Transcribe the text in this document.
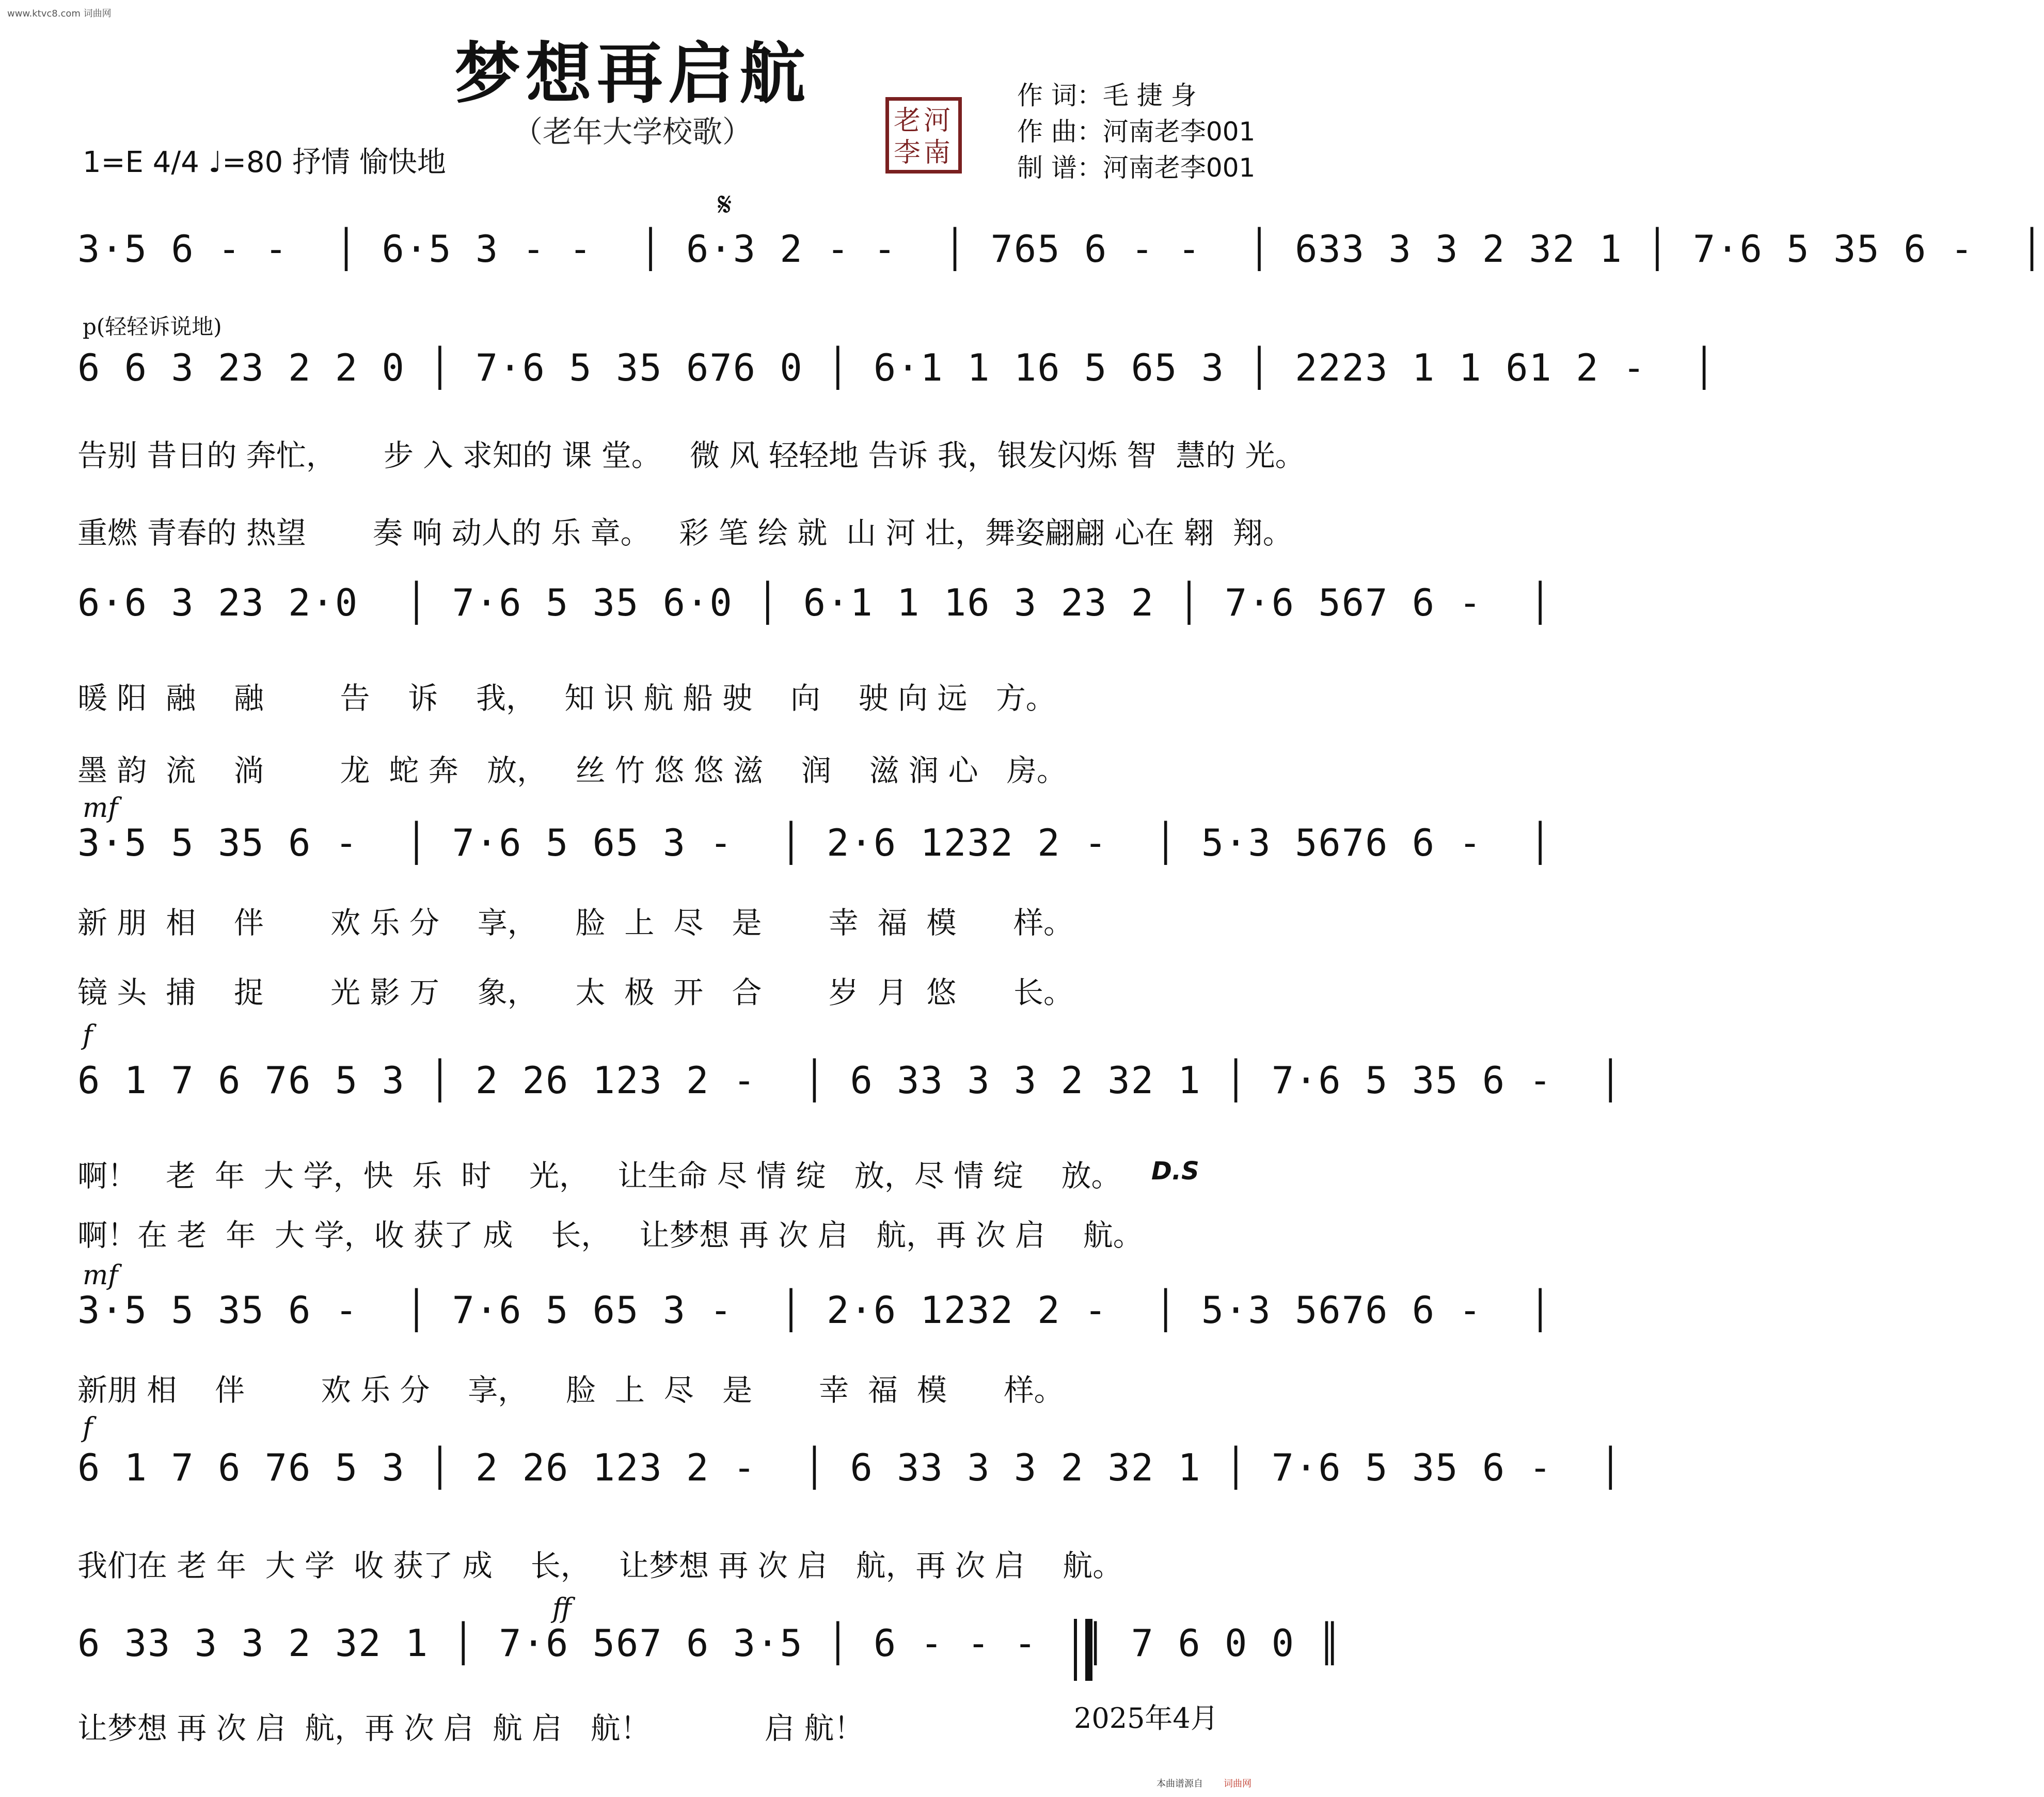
www.ktvc8.com 词曲网
梦想再启航
（老年大学校歌）	老河
李南
作 词：毛 捷 身
作 曲：河南老李001
制 谱：河南老李001
1=E 4/4 ♩=80 抒情 愉快地
𝄋
3·5 6 - -  │ 6·5 3 - -  │ 6·3 2 - -  │ 765 6 - -  │ 633 3 3 2 32 1 │ 7·6 5 35 6 -  │
p(轻轻诉说地)
6 6 3 23 2 2 0 │ 7·6 5 35 676 0 │ 6·1 1 16 5 65 3 │ 2223 1 1 61 2 -  │
告别 昔日的 奔忙，     步 入 求知的 课 堂。   微 风 轻轻地 告诉 我，银发闪烁 智  慧的 光。
重燃 青春的 热望       奏 响 动人的 乐 章。   彩 笔 绘 就  山 河 壮，舞姿翩翩 心在 翱  翔。
6·6 3 23 2·0  │ 7·6 5 35 6·0 │ 6·1 1 16 3 23 2 │ 7·6 567 6 -  │
暖 阳  融    融        告    诉    我，   知 识 航 船 驶    向    驶 向 远   方。
墨 韵  流    淌        龙  蛇 奔   放，   丝 竹 悠 悠 滋    润    滋 润 心   房。
mf
3·5 5 35 6 -  │ 7·6 5 65 3 -  │ 2·6 1232 2 -  │ 5·3 5676 6 -  │
新 朋  相    伴       欢 乐 分    享，    脸  上  尽   是       幸  福  模      样。
镜 头  捕    捉       光 影 万    象，    太  极  开   合       岁  月  悠      长。
f
6 1 7 6 76 5 3 │ 2 26 123 2 -  │ 6 33 3 3 2 32 1 │ 7·6 5 35 6 -  │
啊！   老  年  大 学，快  乐  时    光，   让生命 尽 情 绽   放，尽 情 绽    放。	D.S
啊！在 老  年  大 学，收 获了 成    长，   让梦想 再 次 启   航，再 次 启    航。
mf
3·5 5 35 6 -  │ 7·6 5 65 3 -  │ 2·6 1232 2 -  │ 5·3 5676 6 -  │
新朋 相    伴        欢 乐 分    享，    脸  上  尽   是       幸  福  模      样。
f
6 1 7 6 76 5 3 │ 2 26 123 2 -  │ 6 33 3 3 2 32 1 │ 7·6 5 35 6 -  │
我们在 老 年  大 学  收 获了 成    长，   让梦想 再 次 启   航，再 次 启    航。
ff
6 33 3 3 2 32 1 │ 7·6 567 6 3·5 │ 6 - - -  │ 7 6 0 0 ║
让梦想 再 次 启  航，再 次 启  航 启   航！            启 航！	2025年4月
本曲谱源自 词曲网
